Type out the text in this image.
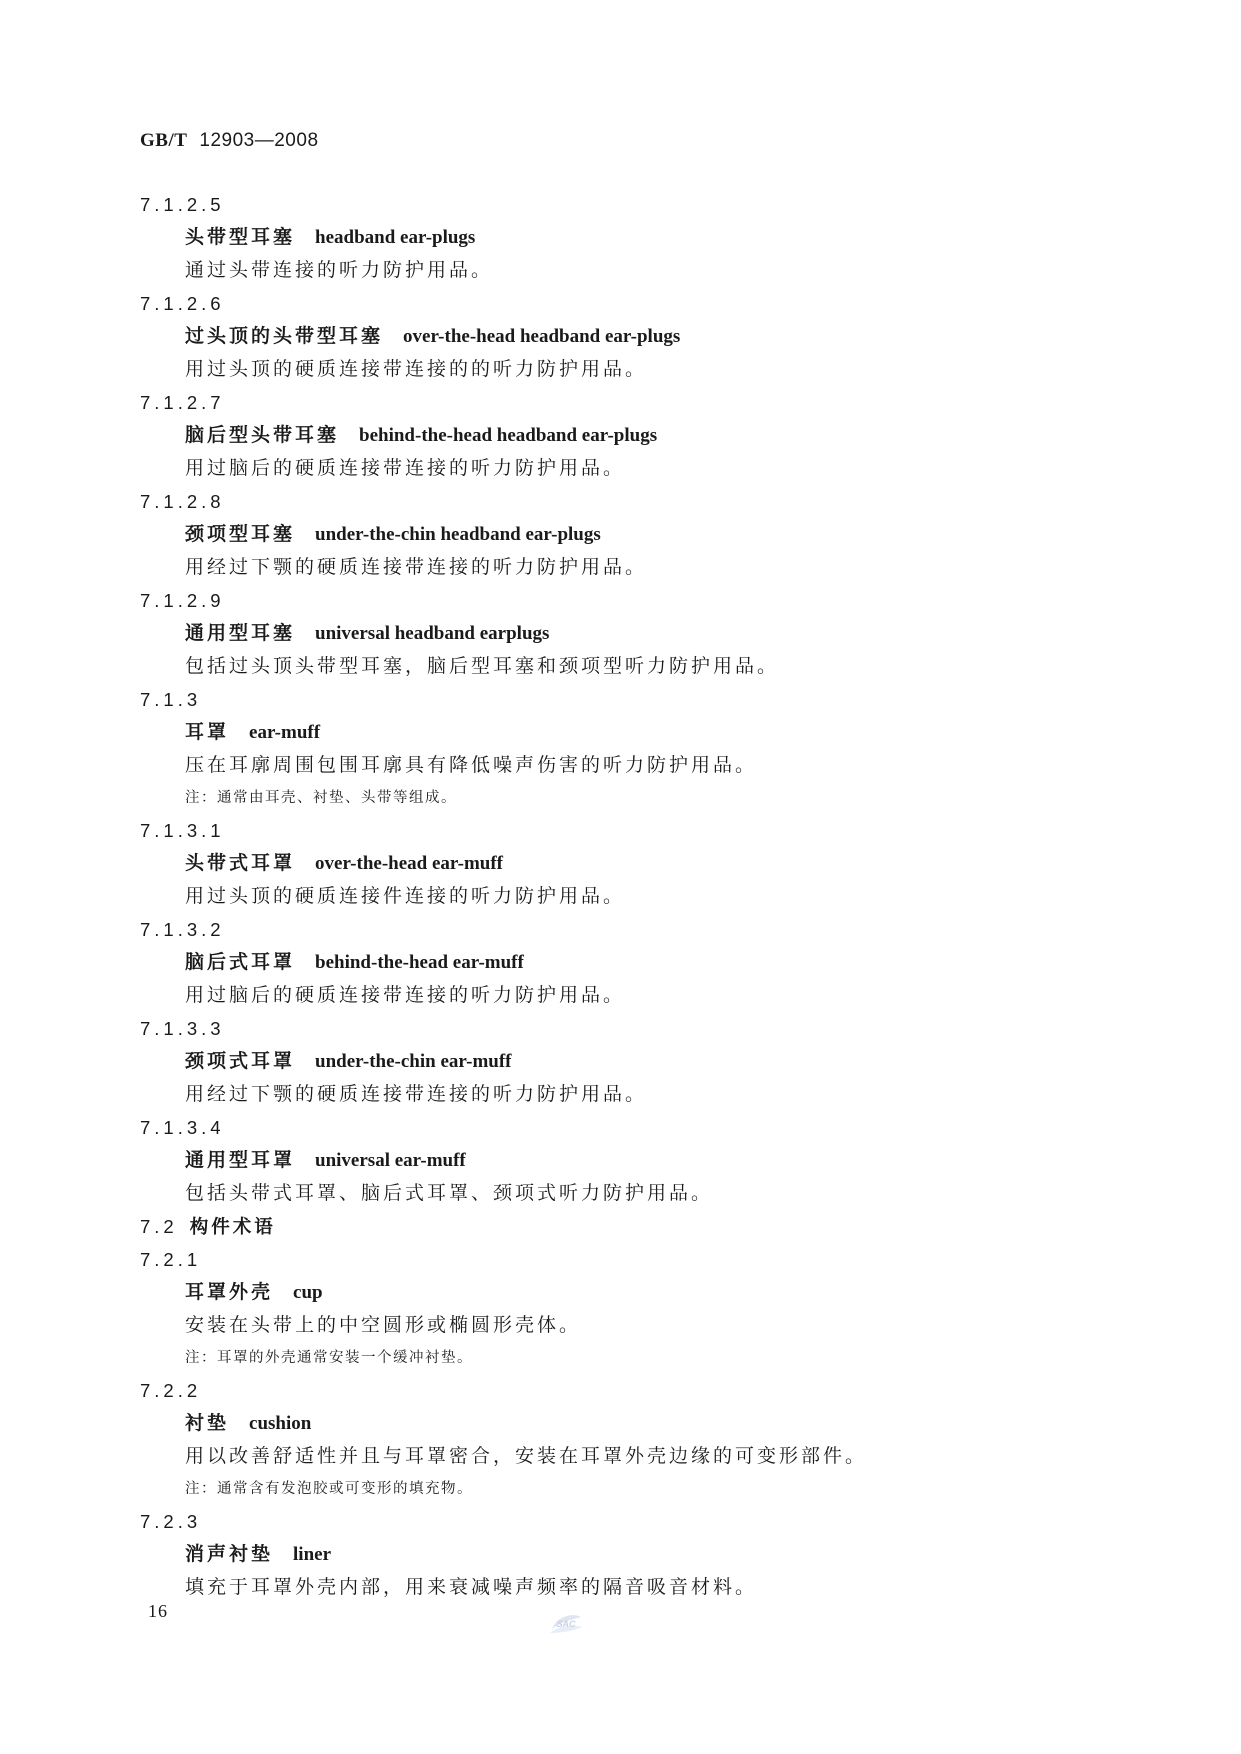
GB/T 12903—2008
7.1.2.5
头带型耳塞 headband ear-plugs
通过头带连接的听力防护用品。
7.1.2.6
过头顶的头带型耳塞 over-the-head headband ear-plugs
用过头顶的硬质连接带连接的的听力防护用品。
7.1.2.7
脑后型头带耳塞 behind-the-head headband ear-plugs
用过脑后的硬质连接带连接的听力防护用品。
7.1.2.8
颈项型耳塞 under-the-chin headband ear-plugs
用经过下颚的硬质连接带连接的听力防护用品。
7.1.2.9
通用型耳塞 universal headband earplugs
包括过头顶头带型耳塞，脑后型耳塞和颈项型听力防护用品。
7.1.3
耳罩 ear-muff
压在耳廓周围包围耳廓具有降低噪声伤害的听力防护用品。
注：通常由耳壳、衬垫、头带等组成。
7.1.3.1
头带式耳罩 over-the-head ear-muff
用过头顶的硬质连接件连接的听力防护用品。
7.1.3.2
脑后式耳罩 behind-the-head ear-muff
用过脑后的硬质连接带连接的听力防护用品。
7.1.3.3
颈项式耳罩 under-the-chin ear-muff
用经过下颚的硬质连接带连接的听力防护用品。
7.1.3.4
通用型耳罩 universal ear-muff
包括头带式耳罩、脑后式耳罩、颈项式听力防护用品。
7.2 构件术语
7.2.1
耳罩外壳 cup
安装在头带上的中空圆形或椭圆形壳体。
注：耳罩的外壳通常安装一个缓冲衬垫。
7.2.2
衬垫 cushion
用以改善舒适性并且与耳罩密合，安装在耳罩外壳边缘的可变形部件。
注：通常含有发泡胶或可变形的填充物。
7.2.3
消声衬垫 liner
填充于耳罩外壳内部，用来衰减噪声频率的隔音吸音材料。
16
SAC
